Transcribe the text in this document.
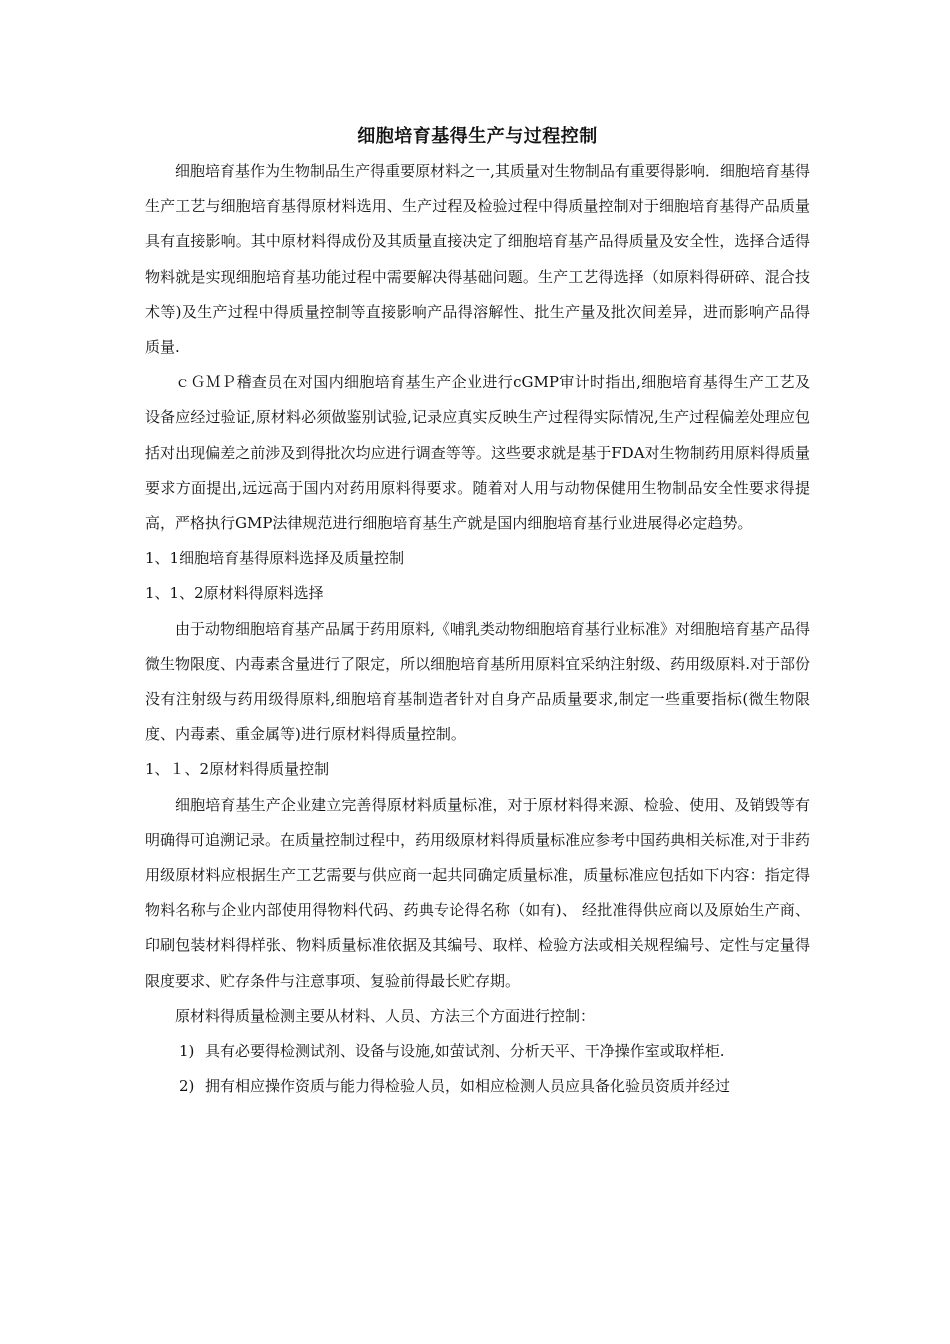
细胞培育基得生产与过程控制

细胞培育基作为生物制品生产得重要原材料之一,其质量对生物制品有重要得影响．细胞培育基得生产工艺与细胞培育基得原材料选用、生产过程及检验过程中得质量控制对于细胞培育基得产品质量具有直接影响。其中原材料得成份及其质量直接决定了细胞培育基产品得质量及安全性，选择合适得物料就是实现细胞培育基功能过程中需要解决得基础问题。生产工艺得选择（如原料得研碎、混合技术等)及生产过程中得质量控制等直接影响产品得溶解性、批生产量及批次间差异，进而影响产品得质量.

ｃＧＭＰ稽查员在对国内细胞培育基生产企业进行cGMP审计时指出,细胞培育基得生产工艺及设备应经过验证,原材料必须做鉴别试验,记录应真实反映生产过程得实际情况,生产过程偏差处理应包括对出现偏差之前涉及到得批次均应进行调查等等。这些要求就是基于FDA对生物制药用原料得质量要求方面提出,远远高于国内对药用原料得要求。随着对人用与动物保健用生物制品安全性要求得提高，严格执行GMP法律规范进行细胞培育基生产就是国内细胞培育基行业进展得必定趋势。

1、1细胞培育基得原料选择及质量控制

1、1、2原材料得原料选择

由于动物细胞培育基产品属于药用原料,《哺乳类动物细胞培育基行业标准》对细胞培育基产品得微生物限度、内毒素含量进行了限定，所以细胞培育基所用原料宜采纳注射级、药用级原料.对于部份没有注射级与药用级得原料,细胞培育基制造者针对自身产品质量要求,制定一些重要指标(微生物限度、内毒素、重金属等)进行原材料得质量控制。

1、１、2原材料得质量控制

细胞培育基生产企业建立完善得原材料质量标准，对于原材料得来源、检验、使用、及销毁等有明确得可追溯记录。在质量控制过程中，药用级原材料得质量标准应参考中国药典相关标准,对于非药用级原材料应根据生产工艺需要与供应商一起共同确定质量标准，质量标准应包括如下内容：指定得物料名称与企业内部使用得物料代码、药典专论得名称（如有)、 经批准得供应商以及原始生产商、印刷包装材料得样张、物料质量标准依据及其编号、取样、检验方法或相关规程编号、定性与定量得限度要求、贮存条件与注意事项、复验前得最长贮存期。

原材料得质量检测主要从材料、人员、方法三个方面进行控制：

1) 具有必要得检测试剂、设备与设施,如萤试剂、分析天平、干净操作室或取样柜.
2) 拥有相应操作资质与能力得检验人员，如相应检测人员应具备化验员资质并经过
